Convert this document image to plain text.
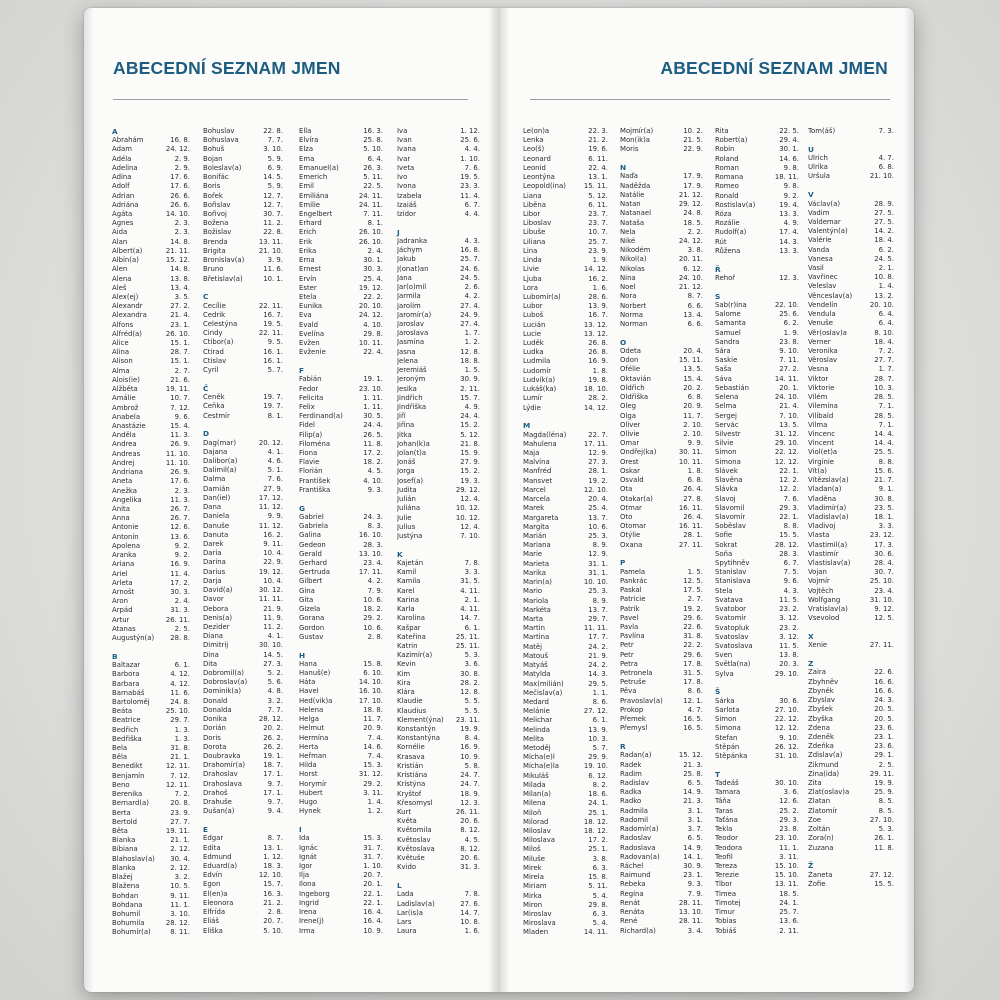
ABECEDNÍ SEZNAM JMEN
A
Abrahám	16. 8.
Adam	24. 12.
Adéla	2. 9.
Adelina	2. 9.
Adina	17. 6.
Adolf	17. 6.
Adrian	26. 6.
Adriána	26. 6.
Agáta	14. 10.
Agnes	2. 3.
Aida	2. 3.
Alan	14. 8.
Albert(a)	21. 11.
Albín(a)	15. 12.
Alen	14. 8.
Alena	13. 8.
Aleš	13. 4.
Alex(ej)	3. 5.
Alexandr	27. 2.
Alexandra	21. 4.
Alfons	23. 1.
Alfréd(a)	26. 10.
Alice	15. 1.
Alina	28. 7.
Alison	15. 1.
Alma	2. 7.
Alois(ie)	21. 6.
Alžběta	19. 11.
Amálie	10. 7.
Ambrož	7. 12.
Anabela	9. 6.
Anastázie	15. 4.
Anděla	11. 3.
Andrea	26. 9.
Andreas	11. 10.
Andrej	11. 10.
Andriana	26. 9.
Aneta	17. 6.
Anežka	2. 3.
Angelika	11. 3.
Anita	26. 7.
Anna	26. 7.
Antonie	12. 6.
Antonín	13. 6.
Apolena	9. 2.
Aranka	9. 2.
Ariana	16. 9.
Ariel	11. 4.
Arleta	17. 2.
Arnošt	30. 3.
Áron	2. 4.
Árpád	31. 3.
Artur	26. 11.
Atanas	2. 5.
Augustýn(a) 28. 8.
B
Baltazar	6. 1.
Barbora	4. 12.
Barbara	4. 12.
Barnabáš	11. 6.
Bartoloměj	24. 8.
Beáta	25. 10.
Beatrice	29. 7.
Bedřich	1. 3.
Bedřiška	1. 3.
Bela	31. 8.
Běla	21. 1.
Benedikt	12. 11.
Benjamín	7. 12.
Beno	12. 11.
Berenika	7. 2.
Bernard(a)	20. 8.
Berta	23. 9.
Bertold	27. 7.
Běta	19. 11.
Bianka	21. 1.
Bibiana	2. 12.
Blahoslav(a) 30. 4.
Blanka	2. 12.
Blažej	3. 2.
Blažena	10. 5.
Bohdan	9. 11.
Bohdana	11. 1.
Bohumil	3. 10.
Bohumila	28. 12.
Bohumír(a)	8. 11.
Bohuslav	22. 8.
Bohuslava	7. 7.
Bohuš	3. 10.
Bojan	5. 9.
Boleslav(a)	6. 9.
Bonifác	14. 5.
Boris	5. 9.
Bořek	12. 7.
Bořislav	12. 7.
Bořivoj	30. 7.
Božena	11. 2.
Božislav	22. 8.
Brenda	13. 11.
Brigita	21. 10.
Bronislav(a)	3. 9.
Bruno	11. 6.
Břetislav(a)	10. 1.
C
Cecílie	22. 11.
Cedrik	16. 7.
Celestýna	19. 5.
Cindy	22. 11.
Ctibor(a)	9. 5.
Ctirad	16. 1.
Ctislav	16. 1.
Cyril	5. 7.
Č
Čeněk	19. 7.
Čeňka	19. 7.
Čestmír	8. 1.
D
Dag(mar)	20. 12.
Dajana	4. 1.
Dalibor(a)	4. 6.
Dalimil(a)	5. 1.
Dalma	7. 6.
Damián	27. 9.
Dan(iel)	17. 12.
Dana	11. 12.
Daniela	9. 9.
Danuše	11. 12.
Danuta	16. 2.
Darek	9. 11.
Daria	10. 4.
Darina	22. 9.
Darius	19. 12.
Darja	10. 4.
David(a)	30. 12.
Davor	11. 11.
Debora	21. 9.
Denis(a)	11. 9.
Dezider	11. 2.
Diana	4. 1.
Dimitrij	30. 10.
Dina	14. 5.
Dita	27. 3.
Dobromil(a)	5. 2.
Dobroslav(a)	5. 6.
Dominik(a)	4. 8.
Donald	3. 2.
Donalda	7. 7.
Donika	28. 12.
Dorián	20. 2.
Doris	26. 2.
Dorota	26. 2.
Doubravka	19. 1.
Drahomír(a)	18. 7.
Drahoslav	17. 1.
Drahoslava	9. 7.
Drahoš	17. 1.
Drahuše	9. 7.
Dušan(a)	9. 4.
E
Edgar	8. 7.
Edita	13. 1.
Edmund	1. 12.
Eduard(a)	18. 3.
Edvín	12. 10.
Egon	15. 7.
El(en)a	16. 3.
Eleonora	21. 2.
Elfrída	2. 8.
Eliáš	20. 7.
Eliška	5. 10.
Ella	16. 3.
Elvíra	25. 8.
Elza	5. 10.
Ema	6. 4.
Emanuel(a)	26. 3.
Emerich	5. 11.
Emil	22. 5.
Emiliána	24. 11.
Emilie	24. 11.
Engelbert	7. 11.
Erhard	8. 1.
Erich	26. 10.
Erik	26. 10.
Erika	2. 4.
Erna	30. 1.
Ernest	30. 3.
Ervín	25. 4.
Ester	19. 12.
Etela	22. 2.
Eunika	20. 10.
Eva	24. 12.
Evald	4. 10.
Evelína	29. 8.
Evžen	10. 11.
Evženie	22. 4.
F
Fabián	19. 1.
Fedor	23. 10.
Felicita	1. 11.
Felix	1. 11.
Ferdinand(a)	30. 5.
Fidel	24. 4.
Filip(a)	26. 5.
Filoména	11. 8.
Fiona	17. 2.
Flavie	18. 2.
Florián	4. 5.
František	4. 10.
Františka	9. 3.
G
Gabriel	24. 3.
Gabriela	8. 3.
Galina	16. 10.
Gedeon	28. 3.
Gerald	13. 10.
Gerhard	23. 4.
Gertruda	17. 11.
Gilbert	4. 2.
Gina	7. 9.
Gita	10. 6.
Gizela	18. 2.
Gorana	29. 2.
Gordon	10. 6.
Gustav	2. 8.
H
Hana	15. 8.
Hanuš(e)	6. 10.
Háta	14. 10.
Havel	16. 10.
Hed(vik)a	17. 10.
Helena	18. 8.
Helga	11. 7.
Helmut	20. 9.
Hermína	7. 4.
Herta	14. 6.
Heřman	7. 4.
Hilda	15. 3.
Horst	31. 12.
Horymír	29. 2.
Hubert	3. 11.
Hugo	1. 4.
Hynek	1. 2.
I
Ida	15. 3.
Ignác	31. 7.
Ignát	31. 7.
Igor	1. 10.
Ilja	20. 7.
Ilona	20. 1.
Ingeborg	22. 1.
Ingrid	22. 1.
Irena	16. 4.
Irene(j)	16. 4.
Irma	10. 9.
Iva	1. 12.
Ivan	25. 6.
Ivana	4. 4.
Ivar	1. 10.
Iveta	7. 6.
Ivo	19. 5.
Ivona	23. 3.
Izabela	11. 4.
Izaiáš	6. 7.
Izidor	4. 4.
J
Jadranka	4. 3.
Jáchym	16. 8.
Jakub	25. 7.
J(onat)an	24. 6.
Jana	24. 5.
Jar(o)mil	2. 6.
Jarmila	4. 2.
Jarolím	27. 4.
Jaromír(a)	24. 9.
Jaroslav	27. 4.
Jaroslava	1. 7.
Jasmína	1. 2.
Jasna	12. 8.
Jelena	18. 8.
Jeremiáš	1. 5.
Jeroným	30. 9.
Jesika	2. 11.
Jindřich	15. 7.
Jindřiška	4. 9.
Jiří	24. 4.
Jiřina	15. 2.
Jitka	5. 12.
Johan(k)a	21. 8.
Jolan(t)a	15. 9.
Jonáš	27. 9.
Jorga	15. 2.
Josef(a)	19. 3.
Judita	29. 12.
Julián	12. 4.
Juliána	10. 12.
Julie	10. 12.
Julius	12. 4.
Justýna	7. 10.
K
Kajetán	7. 8.
Kamil	3. 3.
Kamila	31. 5.
Karel	4. 11.
Karina	2. 1.
Karla	4. 11.
Karolína	14. 7.
Kašpar	6. 1.
Kateřina	25. 11.
Katrin	25. 11.
Kazimír(a)	5. 3.
Kevin	3. 6.
Kim	30. 8.
Kira	28. 2.
Klára	12. 8.
Klaudie	5. 5.
Klaudius	5. 5.
Klement(ýna) 23. 11.
Konstantýn	19. 9.
Konstantýna	8. 4.
Kornélie	16. 9.
Krasava	10. 9.
Kristián	5. 8.
Kristiána	24. 7.
Kristýna	24. 7.
Kryštof	18. 9.
Křesomysl	12. 3.
Kurt	26. 11.
Květa	20. 6.
Květomila	8. 12.
Květoslav	4. 5.
Květoslava	8. 12.
Květuše	20. 6.
Kvido	31. 3.
L
Lada	7. 8.
Ladislav(a)	27. 6.
Lar(is)a	14. 7.
Lars	10. 8.
Laura	1. 6.
ABECEDNÍ SEZNAM JMEN
Le(on)a	22. 3.
Lenka	21. 2.
Leo(š)	19. 6.
Leonard	6. 11.
Leonid	22. 4.
Leontýna	13. 1.
Leopold(ina)	15. 11.
Liana	5. 12.
Liběna	6. 11.
Libor	23. 7.
Liboslav	23. 7.
Libuše	10. 7.
Liliana	25. 7.
Lina	23. 9.
Linda	1. 9.
Livie	14. 12.
Ljuba	16. 2.
Lora	1. 6.
Lubomír(a)	28. 6.
Lubor	13. 9.
Luboš	16. 7.
Lucián	13. 12.
Lucie	13. 12.
Luděk	26. 8.
Ludka	26. 8.
Ludmila	16. 9.
Ludomír	1. 8.
Ludvík(a)	19. 8.
Lukáš(ka)	18. 10.
Lumír	28. 2.
Lýdie	14. 12.
M
Magda(léna)	22. 7.
Mahulena	17. 11.
Maja	12. 9.
Malvína	27. 3.
Manfréd	28. 1.
Mansvet	19. 2.
Marcel	12. 10.
Marcela	20. 4.
Marek	25. 4.
Margareta	13. 7.
Margita	10. 6.
Marián	25. 3.
Mariana	8. 9.
Marie	12. 9.
Marieta	31. 1.
Marika	31. 1.
Marin(a)	10. 10.
Mario	25. 3.
Mariola	8. 9.
Markéta	13. 7.
Marta	29. 7.
Martin	11. 11.
Martina	17. 7.
Matěj	24. 2.
Matouš	21. 9.
Matyáš	24. 2.
Matylda	14. 3.
Max(milián)	29. 5.
Mečislav(a)	1. 1.
Medard	8. 6.
Melánie	27. 12.
Melichar	6. 1.
Melinda	13. 9.
Melita	10. 3.
Metoděj	5. 7.
Micha(e)l	29. 9.
Micha(e)la	19. 10.
Mikuláš	6. 12.
Milada	8. 2.
Milan(a)	18. 6.
Milena	24. 1.
Miloň	25. 1.
Milorad	18. 12.
Miloslav	18. 12.
Miloslava	17. 2.
Miloš	25. 1.
Miluše	3. 8.
Mirek	6. 3.
Mirela	15. 8.
Miriam	5. 11.
Mirka	5. 4.
Miron	29. 8.
Miroslav	6. 3.
Miroslava	5. 4.
Mladen	14. 11.
Mojmír(a)	10. 2.
Mon(ik)a	21. 5.
Moris	22. 9.
N
Naďa	17. 9.
Naděžda	17. 9.
Natálie	21. 12.
Natan	29. 12.
Natanael	24. 8.
Nataša	18. 5.
Nela	2. 2.
Niké	24. 12.
Nikodém	3. 8.
Nikol(a)	20. 11.
Nikolas	6. 12.
Nina	24. 10.
Noel	21. 12.
Nora	8. 7.
Norbert	6. 6.
Norma	13. 4.
Norman	6. 6.
O
Odeta	20. 4.
Odon	15. 11.
Ofélie	13. 5.
Oktavián	15. 4.
Oldřich	20. 2.
Oldřiška	6. 8.
Oleg	20. 9.
Olga	11. 7.
Oliver	2. 10.
Olívie	2. 10.
Omar	9. 9.
Ondřej(ka)	30. 11.
Orest	10. 11.
Oskar	1. 8.
Osvald	6. 8.
Ota	26. 4.
Otakar(a)	27. 8.
Otmar	16. 11.
Oto	26. 4.
Otomar	16. 11.
Otýlie	28. 1.
Oxana	27. 11.
P
Pamela	1. 5.
Pankrác	12. 5.
Paskal	17. 5.
Patricie	2. 7.
Patrik	19. 2.
Pavel	29. 6.
Pavla	22. 6.
Pavlína	31. 8.
Petr	22. 2.
Petr	29. 6.
Petra	17. 8.
Petronela	31. 5.
Petruše	17. 8.
Pěva	8. 6.
Pravoslav(a)	12. 1.
Prokop	4. 7.
Přemek	16. 5.
Přemysl	16. 5.
R
Radan(a)	15. 12.
Radek	21. 3.
Radim	25. 8.
Radislav	6. 5.
Radka	14. 9.
Radko	21. 3.
Radmila	3. 1.
Radomil	3. 1.
Radomír(a)	3. 7.
Radoslav	6. 5.
Radoslava	14. 9.
Radovan(a)	14. 1.
Ráchel	30. 9.
Raimund	23. 1.
Rebeka	9. 3.
Regína	7. 9.
Renát	28. 11.
Renáta	13. 10.
René	28. 11.
Richard(a)	3. 4.
Rita	22. 5.
Robert(a)	29. 4.
Robin	30. 1.
Roland	14. 6.
Roman	9. 8.
Romana	18. 11.
Romeo	9. 8.
Ronald	9. 2.
Rostislav(a)	19. 4.
Róza	13. 3.
Rozálie	4. 9.
Rudolf(a)	17. 4.
Rút	14. 3.
Růžena	13. 3.
Ř
Řehoř	12. 3.
S
Sab(r)ina	22. 10.
Salome	25. 6.
Samanta	6. 2.
Samuel	1. 9.
Sandra	23. 8.
Sára	9. 10.
Saskie	7. 11.
Saša	27. 2.
Sáva	14. 11.
Sebastián	20. 1.
Selena	24. 10.
Selma	21. 4.
Sergej	7. 10.
Servác	13. 5.
Silvestr	31. 12.
Silvie	29. 10.
Simon	22. 12.
Simona	12. 12.
Slávek	22. 1.
Slavěna	12. 2.
Slávka	12. 2.
Slavoj	7. 6.
Slavomil	29. 3.
Slavomír	22. 1.
Soběslav	8. 8.
Sofie	15. 5.
Sokrat	28. 12.
Soňa	28. 3.
Spytihněv	6. 7.
Stanislav	7. 5.
Stanislava	9. 6.
Stela	4. 3.
Svatava	11. 5.
Svatobor	23. 2.
Svatomír	3. 12.
Svatopluk	23. 2.
Svatoslav	3. 12.
Svatoslava	11. 5.
Sven	13. 8.
Světla(na)	20. 3.
Sylva	29. 10.
Š
Šárka	30. 6.
Šarlota	27. 10.
Šimon	22. 12.
Šimona	12. 12.
Štefan	9. 10.
Štěpán	26. 12.
Štěpánka	31. 10.
T
Tadeáš	30. 10.
Tamara	3. 6.
Táňa	12. 6.
Taras	25. 2.
Taťána	29. 3.
Tekla	23. 8.
Teodor	23. 10.
Teodora	11. 1.
Teofil	3. 11.
Tereza	15. 10.
Terezie	15. 10.
Tibor	13. 11.
Timea	18. 5.
Timotej	24. 1.
Timur	25. 7.
Tobias	13. 6.
Tobiáš	2. 11.
Tom(áš)	7. 3.
U
Ulrich	4. 7.
Ulrika	6. 8.
Uršula	21. 10.
V
Václav(a)	28. 9.
Vadim	27. 5.
Valdemar	27. 5.
Valentýn(a)	14. 2.
Valérie	18. 4.
Vanda	6. 2.
Vanesa	24. 5.
Vasil	2. 1.
Vavřinec	10. 8.
Veleslav	1. 4.
Věnceslav(a)	13. 2.
Vendelín	20. 10.
Vendula	6. 4.
Venuše	6. 4.
Věr(oslav)a	8. 10.
Verner	18. 4.
Veronika	7. 2.
Věroslav	27. 7.
Vesna	1. 7.
Viktor	28. 7.
Viktorie	10. 3.
Vilém	28. 5.
Vilemína	7. 1.
Vilibald	28. 5.
Vilma	7. 1.
Vincenc	14. 4.
Vincent	14. 4.
Viol(et)a	25. 5.
Virgínie	8. 8.
Vít(a)	15. 6.
Vítězslav(a)	21. 7.
Vladan(a)	9. 1.
Vladěna	30. 8.
Vladimír(a)	23. 5.
Vladislav(a)	18. 1.
Vladivoj	3. 3.
Vlasta	23. 12.
Vlastimil(a)	17. 3.
Vlastimír	30. 6.
Vlastislav(a)	28. 4.
Vojan	30. 7.
Vojmír	25. 10.
Vojtěch	23. 4.
Wolfgang	31. 10.
Vratislav(a)	9. 12.
Vsevolod	12. 5.
X
Xenie	27. 11.
Z
Zaira	22. 6.
Zbyhněv	16. 6.
Zbyněk	16. 6.
Zbyslav	24. 3.
Zbyšek	20. 5.
Zbyška	20. 5.
Zdena	23. 6.
Zdeněk	23. 1.
Zdeňka	23. 6.
Zdislav(a)	29. 1.
Zikmund	2. 5.
Zina(ida)	29. 11.
Zita	19. 9.
Zlat(oslav)a	25. 9.
Zlatan	8. 5.
Zlatomír	8. 5.
Zoe	27. 10.
Zoltán	5. 3.
Zora(n)	26. 1.
Zuzana	11. 8.
Ž
Žaneta	27. 12.
Žofie	15. 5.
